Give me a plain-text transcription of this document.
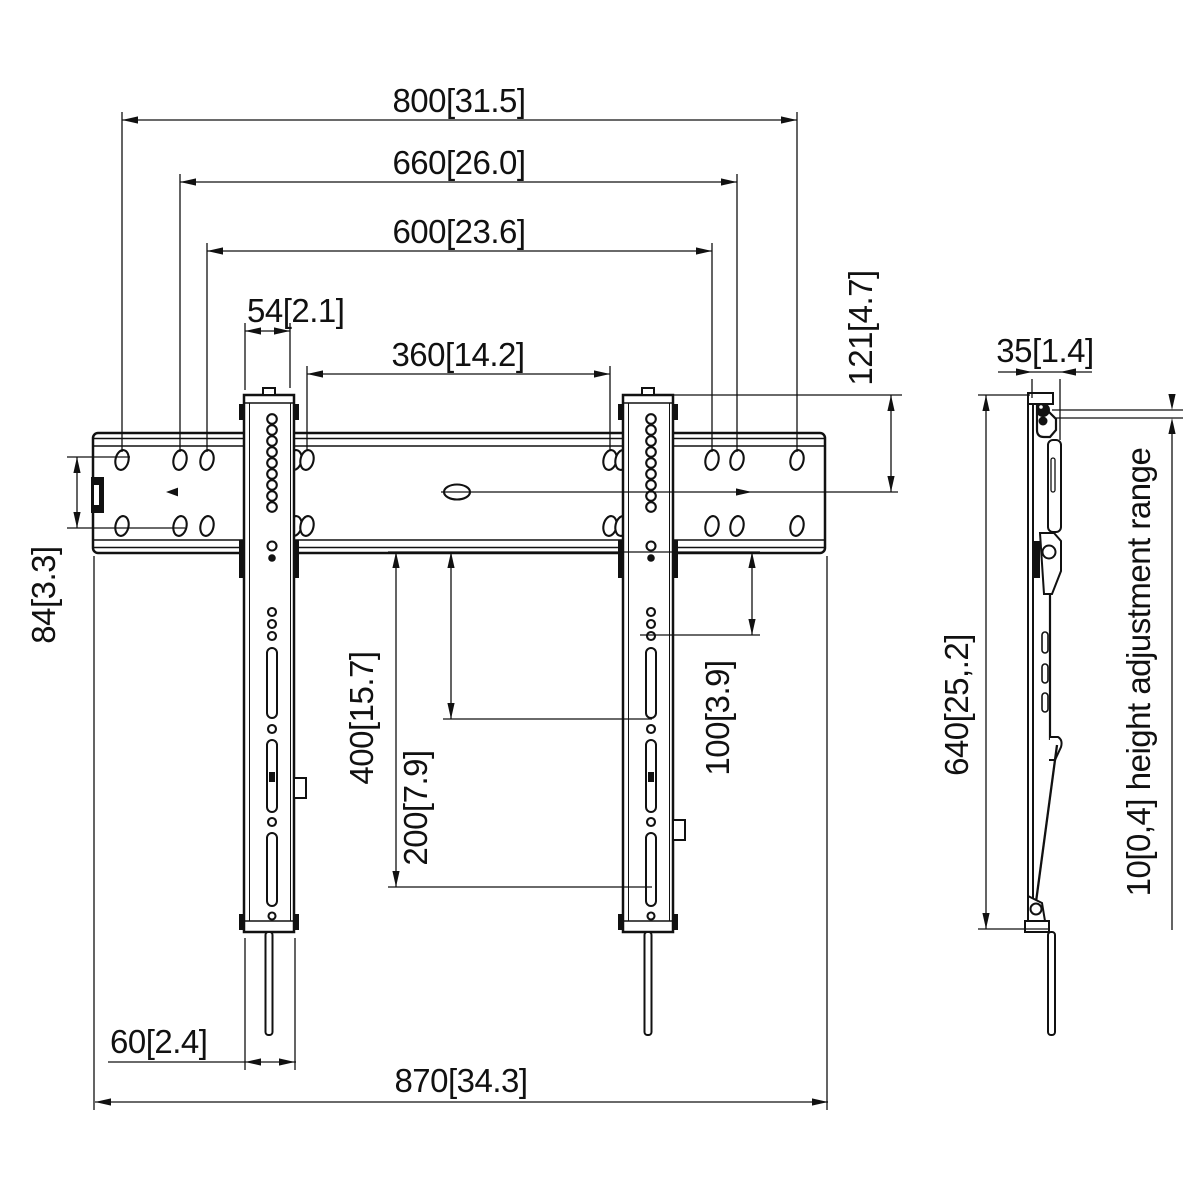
800[31.5]
660[26.0]
600[23.6]
54[2.1]
360[14.2]	121[4.7]
84[3.3]
400[15.7]
200[7.9]
100[3.9]
60[2.4]
870[34.3]
35[1.4]
640[25,.2]	10[0,4] height adjustment range
